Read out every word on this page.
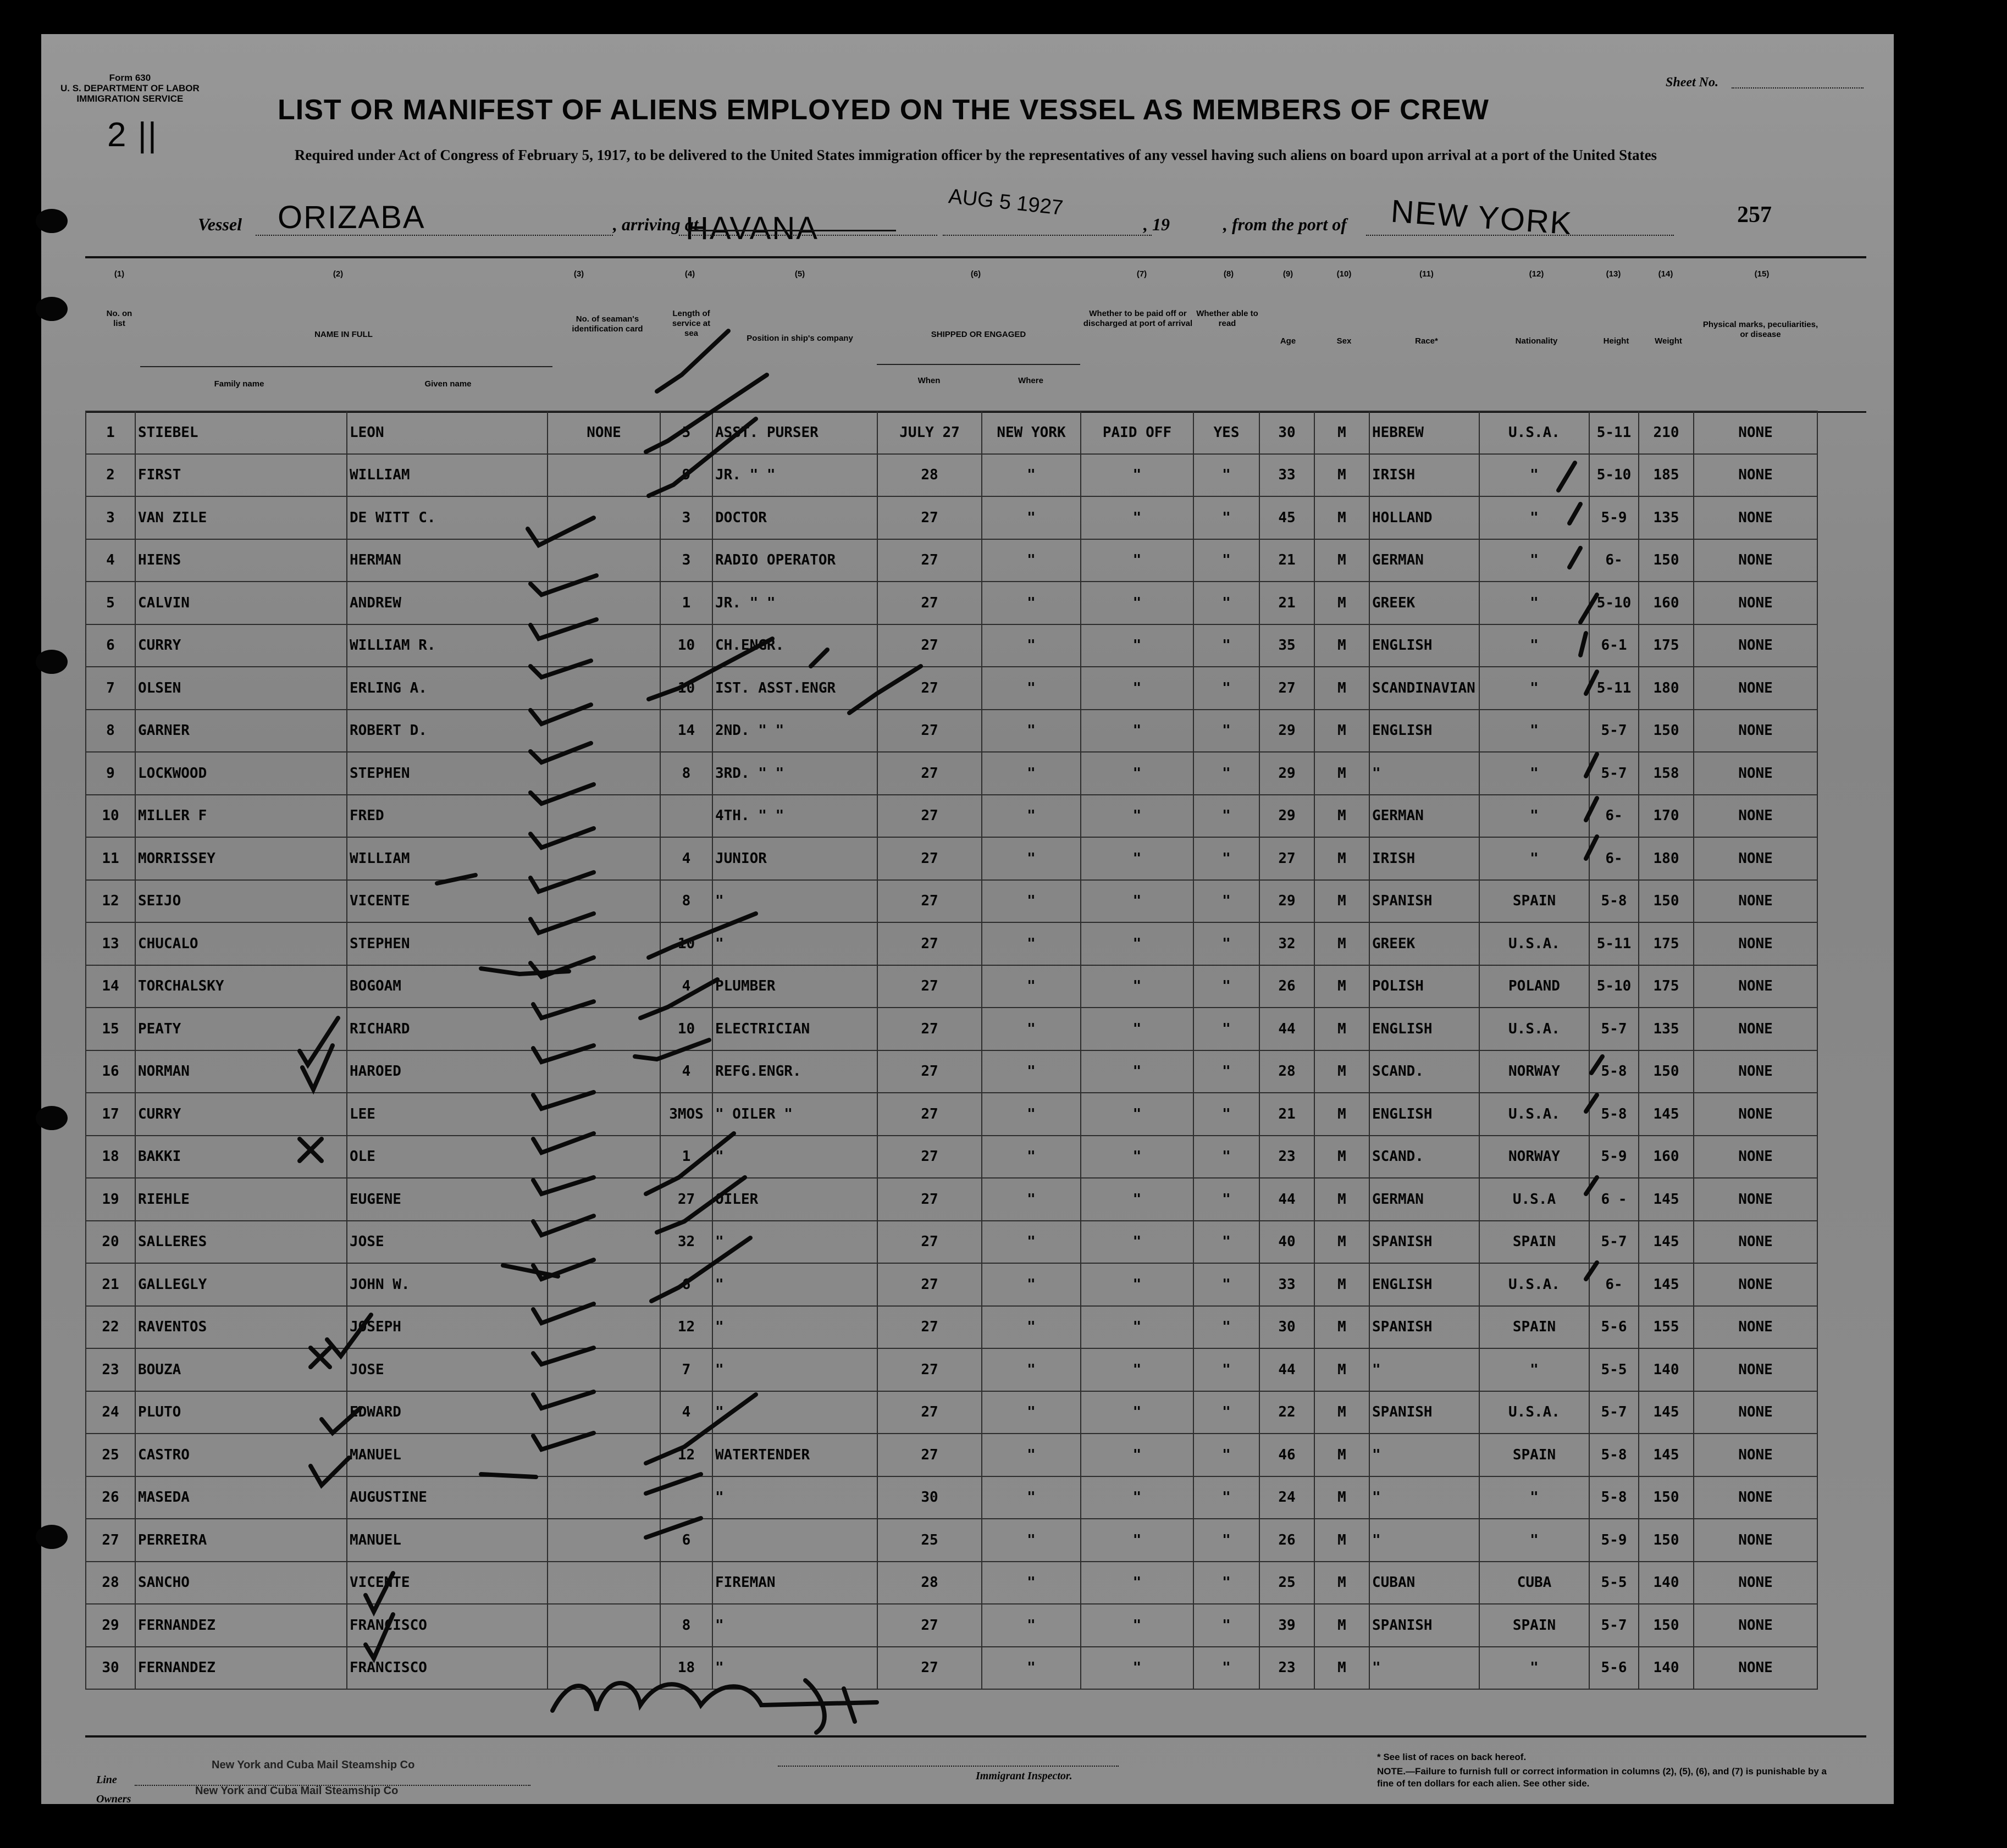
Form 630
U. S. DEPARTMENT OF LABOR
IMMIGRATION SERVICE
2 ||
Sheet No.
LIST OR MANIFEST OF ALIENS EMPLOYED ON THE VESSEL AS MEMBERS OF CREW
Required under Act of Congress of February 5, 1917, to be delivered to the United States immigration officer by the representatives of any vessel having such aliens on board upon arrival at a port of the United States
Vessel ORIZABA	, arriving at
HAVANA
AUG 5 1927
, 19	, from the port of NEW YORK	257
(1)	(2)	(3)	(4)	(5)	(6)	(7)	(8)	(9)	(10)	(11)	(12)	(13)	(14)	(15)
No. on list
NAME IN FULL
Family name	Given name
No. of seaman's identification card
Length of service at sea
Position in ship's company	SHIPPED OR ENGAGED
When	Where
Whether to be paid off or discharged at port of arrival
Whether able to read
Age	Sex	Race*	Nationality	Height	Weight
Physical marks, peculiarities, or disease
1	STIEBEL	LEON	NONE	5	ASST. PURSER	JULY 27	NEW YORK	PAID OFF	YES	30	M	HEBREW	U.S.A.	5-11	210	NONE
2	FIRST	WILLIAM		9	JR. " "	28	"	"	"	33	M	IRISH	"	5-10	185	NONE
3	VAN ZILE	DE WITT C.		3	DOCTOR	27	"	"	"	45	M	HOLLAND	"	5-9	135	NONE
4	HIENS	HERMAN		3	RADIO OPERATOR	27	"	"	"	21	M	GERMAN	"	6-	150	NONE
5	CALVIN	ANDREW		1	JR. " "	27	"	"	"	21	M	GREEK	"	5-10	160	NONE
6	CURRY	WILLIAM R.		10	CH.ENGR.	27	"	"	"	35	M	ENGLISH	"	6-1	175	NONE
7	OLSEN	ERLING A.		10	IST. ASST.ENGR	27	"	"	"	27	M	SCANDINAVIAN	"	5-11	180	NONE
8	GARNER	ROBERT D.		14	2ND. " "	27	"	"	"	29	M	ENGLISH	"	5-7	150	NONE
9	LOCKWOOD	STEPHEN		8	3RD. " "	27	"	"	"	29	M	"	"	5-7	158	NONE
10	MILLER F	FRED			4TH. " "	27	"	"	"	29	M	GERMAN	"	6-	170	NONE
11	MORRISSEY	WILLIAM		4	JUNIOR	27	"	"	"	27	M	IRISH	"	6-	180	NONE
12	SEIJO	VICENTE		8	"	27	"	"	"	29	M	SPANISH	SPAIN	5-8	150	NONE
13	CHUCALO	STEPHEN		10	"	27	"	"	"	32	M	GREEK	U.S.A.	5-11	175	NONE
14	TORCHALSKY	BOGOAM		4	PLUMBER	27	"	"	"	26	M	POLISH	POLAND	5-10	175	NONE
15	PEATY	RICHARD		10	ELECTRICIAN	27	"	"	"	44	M	ENGLISH	U.S.A.	5-7	135	NONE
16	NORMAN	HAROED		4	REFG.ENGR.	27	"	"	"	28	M	SCAND.	NORWAY	5-8	150	NONE
17	CURRY	LEE		3MOS	" OILER "	27	"	"	"	21	M	ENGLISH	U.S.A.	5-8	145	NONE
18	BAKKI	OLE		1	"	27	"	"	"	23	M	SCAND.	NORWAY	5-9	160	NONE
19	RIEHLE	EUGENE		27	OILER	27	"	"	"	44	M	GERMAN	U.S.A	6 -	145	NONE
20	SALLERES	JOSE		32	"	27	"	"	"	40	M	SPANISH	SPAIN	5-7	145	NONE
21	GALLEGLY	JOHN W.		6	"	27	"	"	"	33	M	ENGLISH	U.S.A.	6-	145	NONE
22	RAVENTOS	JOSEPH		12	"	27	"	"	"	30	M	SPANISH	SPAIN	5-6	155	NONE
23	BOUZA	JOSE		7	"	27	"	"	"	44	M	"	"	5-5	140	NONE
24	PLUTO	EDWARD		4	"	27	"	"	"	22	M	SPANISH	U.S.A.	5-7	145	NONE
25	CASTRO	MANUEL		12	WATERTENDER	27	"	"	"	46	M	"	SPAIN	5-8	145	NONE
26	MASEDA	AUGUSTINE			"	30	"	"	"	24	M	"	"	5-8	150	NONE
27	PERREIRA	MANUEL		6		25	"	"	"	26	M	"	"	5-9	150	NONE
28	SANCHO	VICENTE			FIREMAN	28	"	"	"	25	M	CUBAN	CUBA	5-5	140	NONE
29	FERNANDEZ	FRANCISCO		8	"	27	"	"	"	39	M	SPANISH	SPAIN	5-7	150	NONE
30	FERNANDEZ	FRANCISCO		18	"	27	"	"	"	23	M	"	"	5-6	140	NONE
New York and Cuba Mail Steamship Co
Line
New York and Cuba Mail Steamship Co
Owners
Immigrant Inspector.
* See list of races on back hereof.
NOTE.—Failure to furnish full or correct information in columns (2), (5), (6), and (7) is punishable by a fine of ten dollars for each alien. See other side.
